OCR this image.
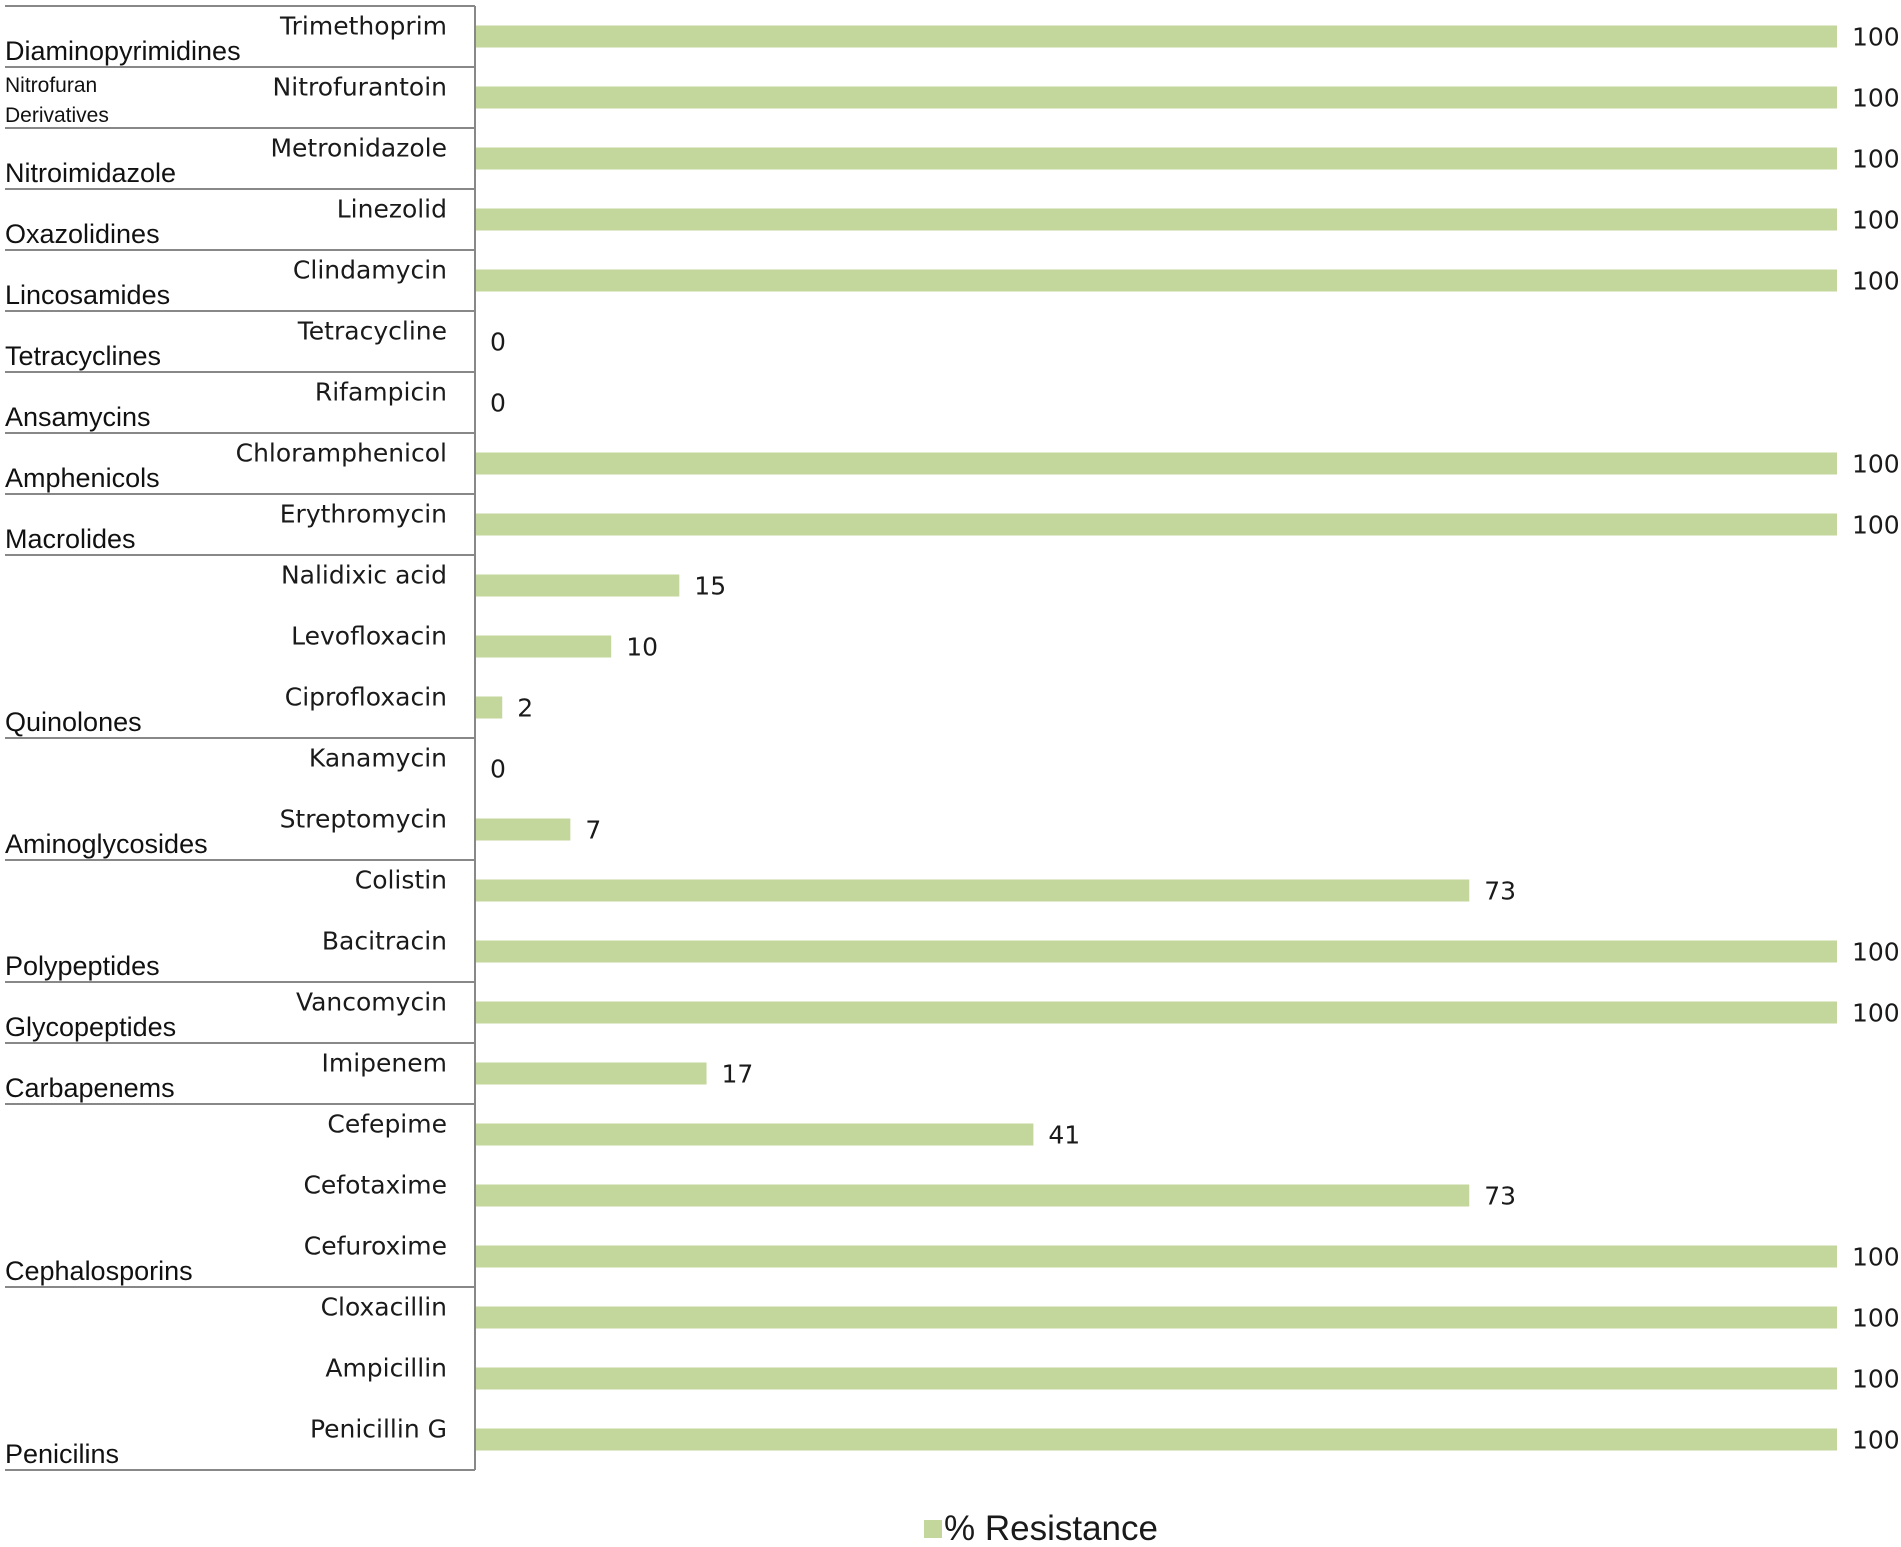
Diaminopyrimidines
Nitrofuran Derivatives
Nitroimidazole
Oxazolidines
Lincosamides
Tetracyclines
Ansamycins
Amphenicols
Macrolides
Quinolones
Aminoglycosides
Polypeptides
Glycopeptides
Carbapenems
Cephalosporins
Penicilins
Trimethoprim
Nitrofurantoin
Metronidazole
Linezolid
Clindamycin
Tetracycline
Rifampicin
Chloramphenicol
Erythromycin
Nalidixic acid
Levofloxacin
Ciprofloxacin
Kanamycin
Streptomycin
Colistin
Bacitracin
Vancomycin
Imipenem
Cefepime
Cefotaxime
Cefuroxime
Cloxacillin
Ampicillin
Penicillin G
100
100
100
100
100
0
0
100
100
15
10
2
0
7
73
100
100
17
41
73
100
100
100
100
% Resistance
